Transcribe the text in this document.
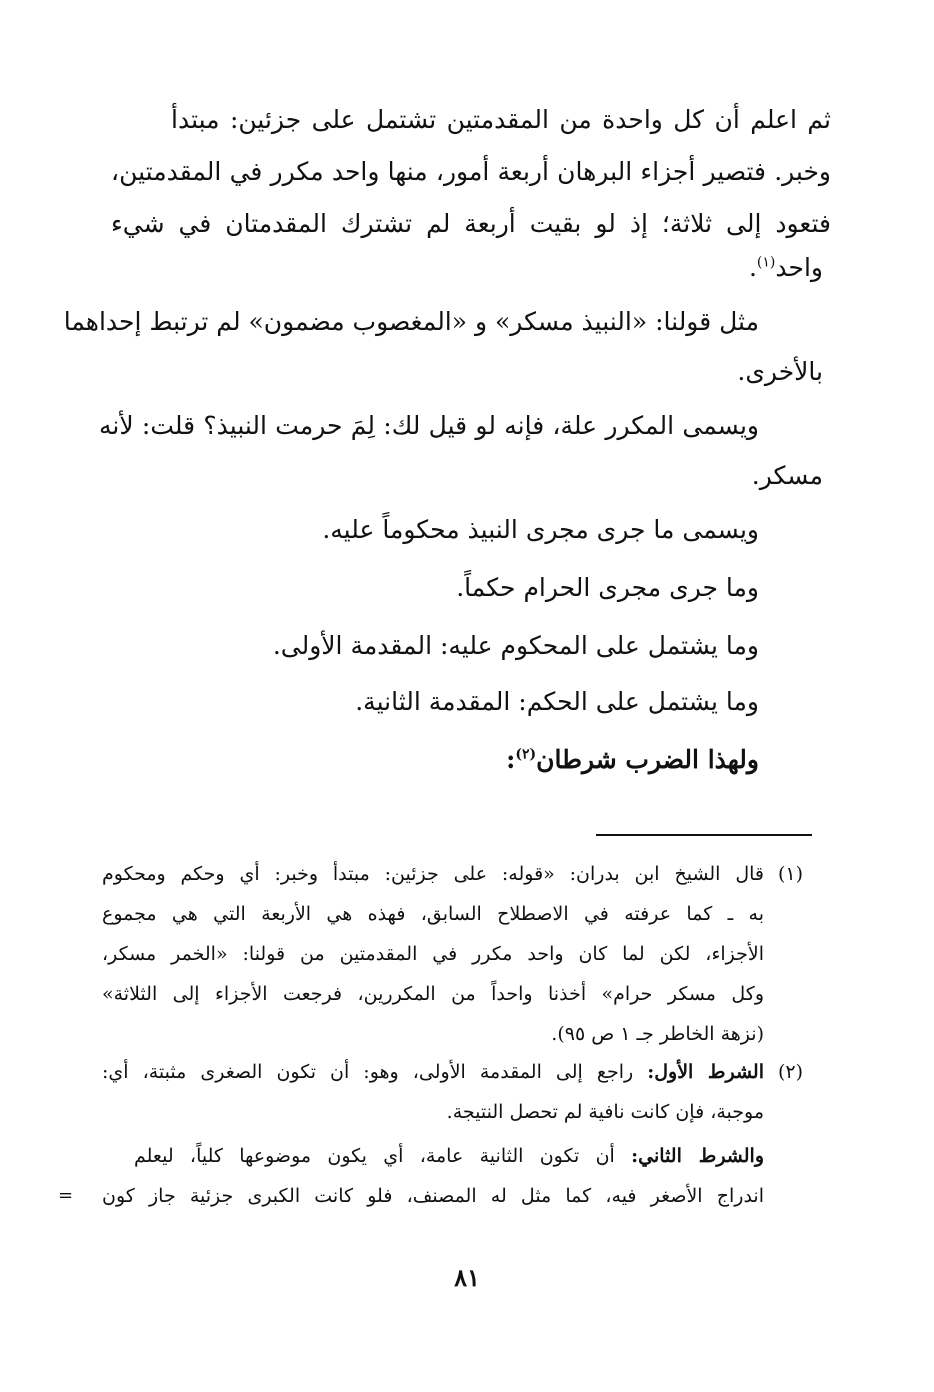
ثم اعلم أن كل واحدة من المقدمتين تشتمل على جزئين: مبتدأ
وخبر. فتصير أجزاء البرهان أربعة أمور، منها واحد مكرر في المقدمتين،
فتعود إلى ثلاثة؛ إذ لو بقيت أربعة لم تشترك المقدمتان في شيء
واحد$^{(١)}$.
مثل قولنا: «النبيذ مسكر» و «المغصوب مضمون» لم ترتبط إحداهما
بالأخرى.
ويسمى المكرر علة، فإنه لو قيل لك: لِمَ حرمت النبيذ؟ قلت: لأنه
مسكر.
ويسمى ما جرى مجرى النبيذ محكوماً عليه.
وما جرى مجرى الحرام حكماً.
وما يشتمل على المحكوم عليه: المقدمة الأولى.
وما يشتمل على الحكم: المقدمة الثانية.
ولهذا الضرب شرطان$^{(٢)}$:
(١)
قال الشيخ ابن بدران: «قوله: على جزئين: مبتدأ وخبر: أي وحكم ومحكوم
به ـ كما عرفته في الاصطلاح السابق، فهذه هي الأربعة التي هي مجموع
الأجزاء، لكن لما كان واحد مكرر في المقدمتين من قولنا: «الخمر مسكر،
وكل مسكر حرام» أخذنا واحداً من المكررين، فرجعت الأجزاء إلى الثلاثة»
(نزهة الخاطر جـ ١ ص ٩٥).
(٢)
الشرط الأول: راجع إلى المقدمة الأولى، وهو: أن تكون الصغرى مثبتة، أي:
موجبة، فإن كانت نافية لم تحصل النتيجة.
والشرط الثاني: أن تكون الثانية عامة، أي يكون موضوعها كلياً، ليعلم
اندراج الأصغر فيه، كما مثل له المصنف، فلو كانت الكبرى جزئية جاز كون
=
٨١
